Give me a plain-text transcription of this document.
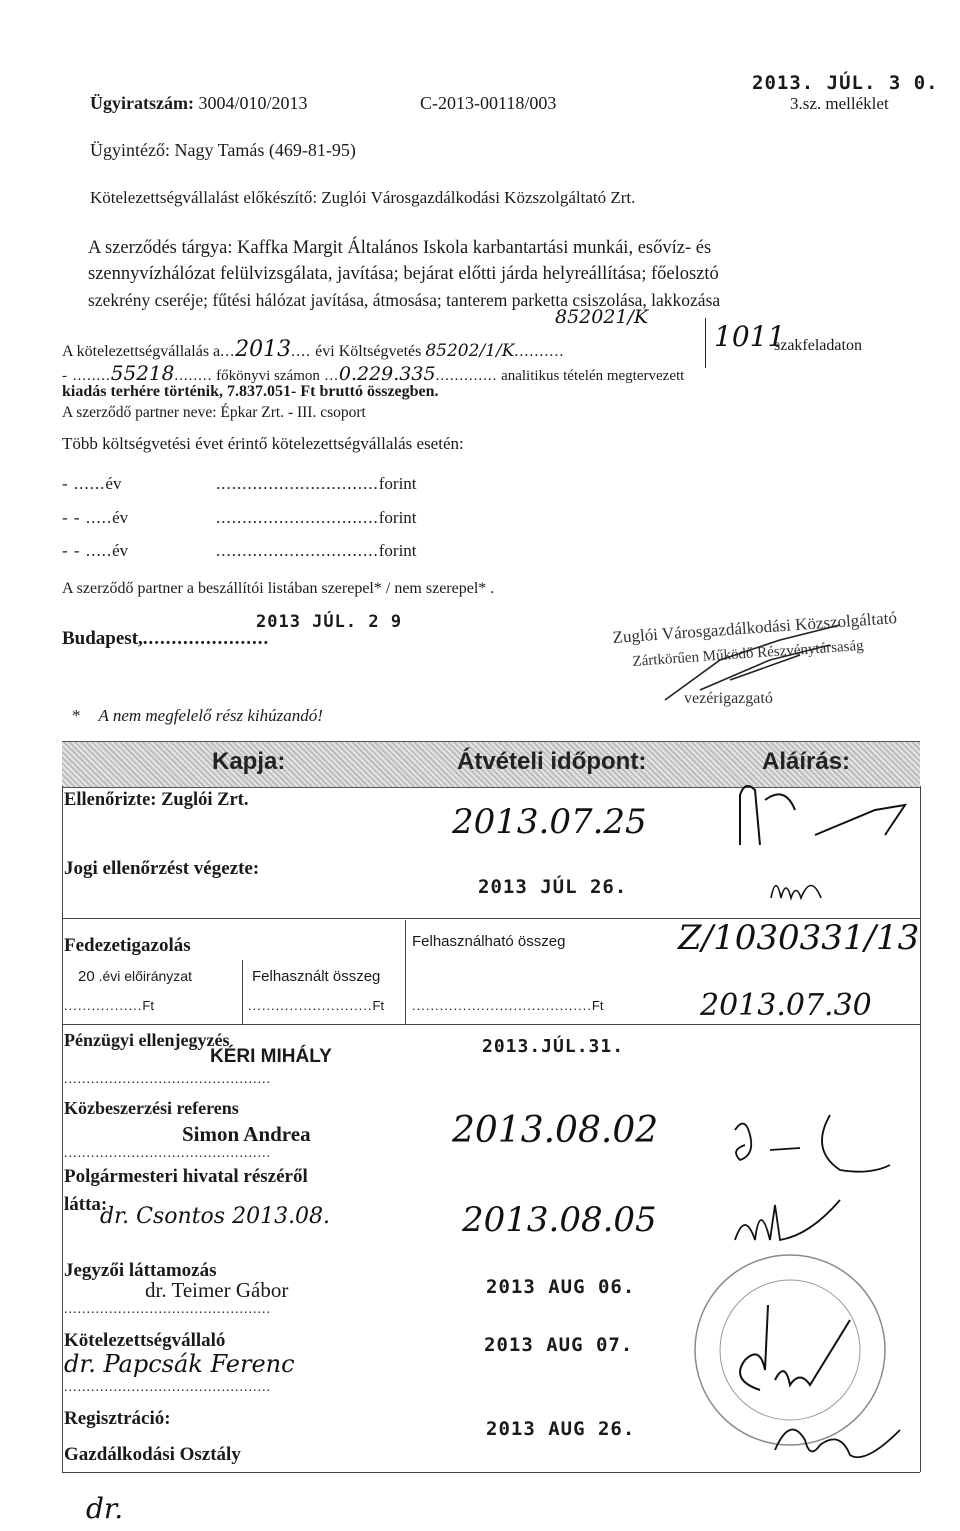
Ügyiratszám: 3004/010/2013	C-2013-00118/003
2013. JÚL. 3 0.
3.sz. melléklet
Ügyintéző: Nagy Tamás (469-81-95)
Kötelezettségvállalást előkészítő: Zuglói Városgazdálkodási Közszolgáltató Zrt.
A szerződés tárgya: Kaffka Margit Általános Iskola karbantartási munkái, esővíz- és
szennyvízhálózat felülvizsgálata, javítása; bejárat előtti járda helyreállítása; főelosztó
szekrény cseréje; fűtési hálózat javítása, átmosása; tanterem parketta csiszolása, lakkozása
852021/K
1011
A kötelezettségvállalás a...2013.... évi Költségvetés 85202/1/K..........	szakfeladaton
- ........55218........ főkönyvi számon ...0.229.335............. analitikus tételén megtervezett
kiadás terhére történik, 7.837.051- Ft bruttó összegben.
A szerződő partner neve: Épkar Zrt. - III. csoport
Több költségvetési évet érintő kötelezettségvállalás esetén:
- ......év	...............................forint
- - .....év	...............................forint
- - .....év	...............................forint
A szerződő partner a beszállítói listában szerepel* / nem szerepel* .
Budapest,......................
2013 JÚL. 2 9	Zuglói Városgazdálkodási Közszolgáltató
Zártkörűen Működő Részvénytársaság
vezérigazgató
* A nem megfelelő rész kihúzandó!
Kapja:	Átvételi időpont:	Aláírás:
Ellenőrizte: Zuglói Zrt.
2013.07.25
Jogi ellenőrzést végezte:
2013 JÚL 26.
Fedezetigazolás	Felhasználható összeg	Z/1030331/13
20 .évi előirányzat	Felhasznált összeg
.................Ft	...........................Ft .......................................Ft	2013.07.30
Pénzügyi ellenjegyzés
KÉRI MIHÁLY	2013.JÚL.31.
..............................................
Közbeszerzési referens
Simon Andrea
..............................................
2013.08.02
Polgármesteri hivatal részéről
látta:
dr. Csontos 2013.08.	2013.08.05
Jegyzői láttamozás
dr. Teimer Gábor
..............................................
2013 AUG 06.
Kötelezettségvállaló
dr. Papcsák Ferenc
..............................................
2013 AUG 07.
Regisztráció:	2013 AUG 26.
Gazdálkodási Osztály
dr.
